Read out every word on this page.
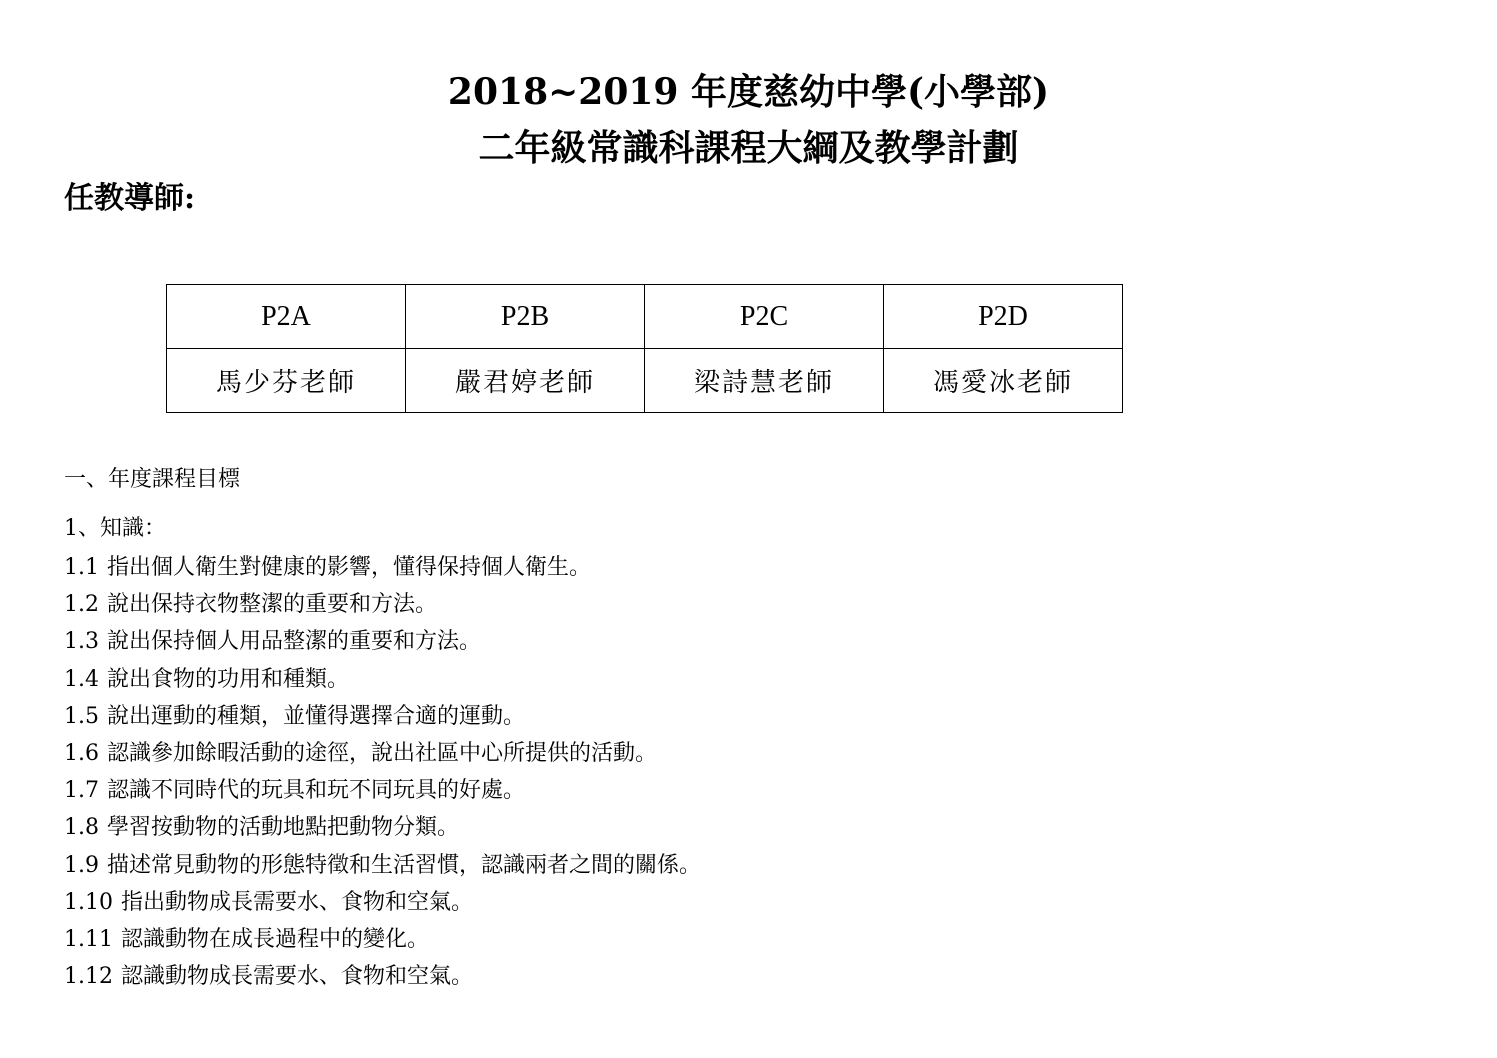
2018~2019 年度慈幼中學(小學部)
二年級常識科課程大綱及教學計劃
任教導師:
P2A	P2B	P2C	P2D
馬少芬老師	嚴君婷老師	梁詩慧老師	馮愛冰老師
一、年度課程目標
1、知識：
1.1 指出個人衛生對健康的影響，懂得保持個人衛生。
1.2 說出保持衣物整潔的重要和方法。
1.3 說出保持個人用品整潔的重要和方法。
1.4 說出食物的功用和種類。
1.5 說出運動的種類，並懂得選擇合適的運動。
1.6 認識參加餘暇活動的途徑，說出社區中心所提供的活動。
1.7 認識不同時代的玩具和玩不同玩具的好處。
1.8 學習按動物的活動地點把動物分類。
1.9 描述常見動物的形態特徵和生活習慣，認識兩者之間的關係。
1.10 指出動物成長需要水、食物和空氣。
1.11 認識動物在成長過程中的變化。
1.12 認識動物成長需要水、食物和空氣。
